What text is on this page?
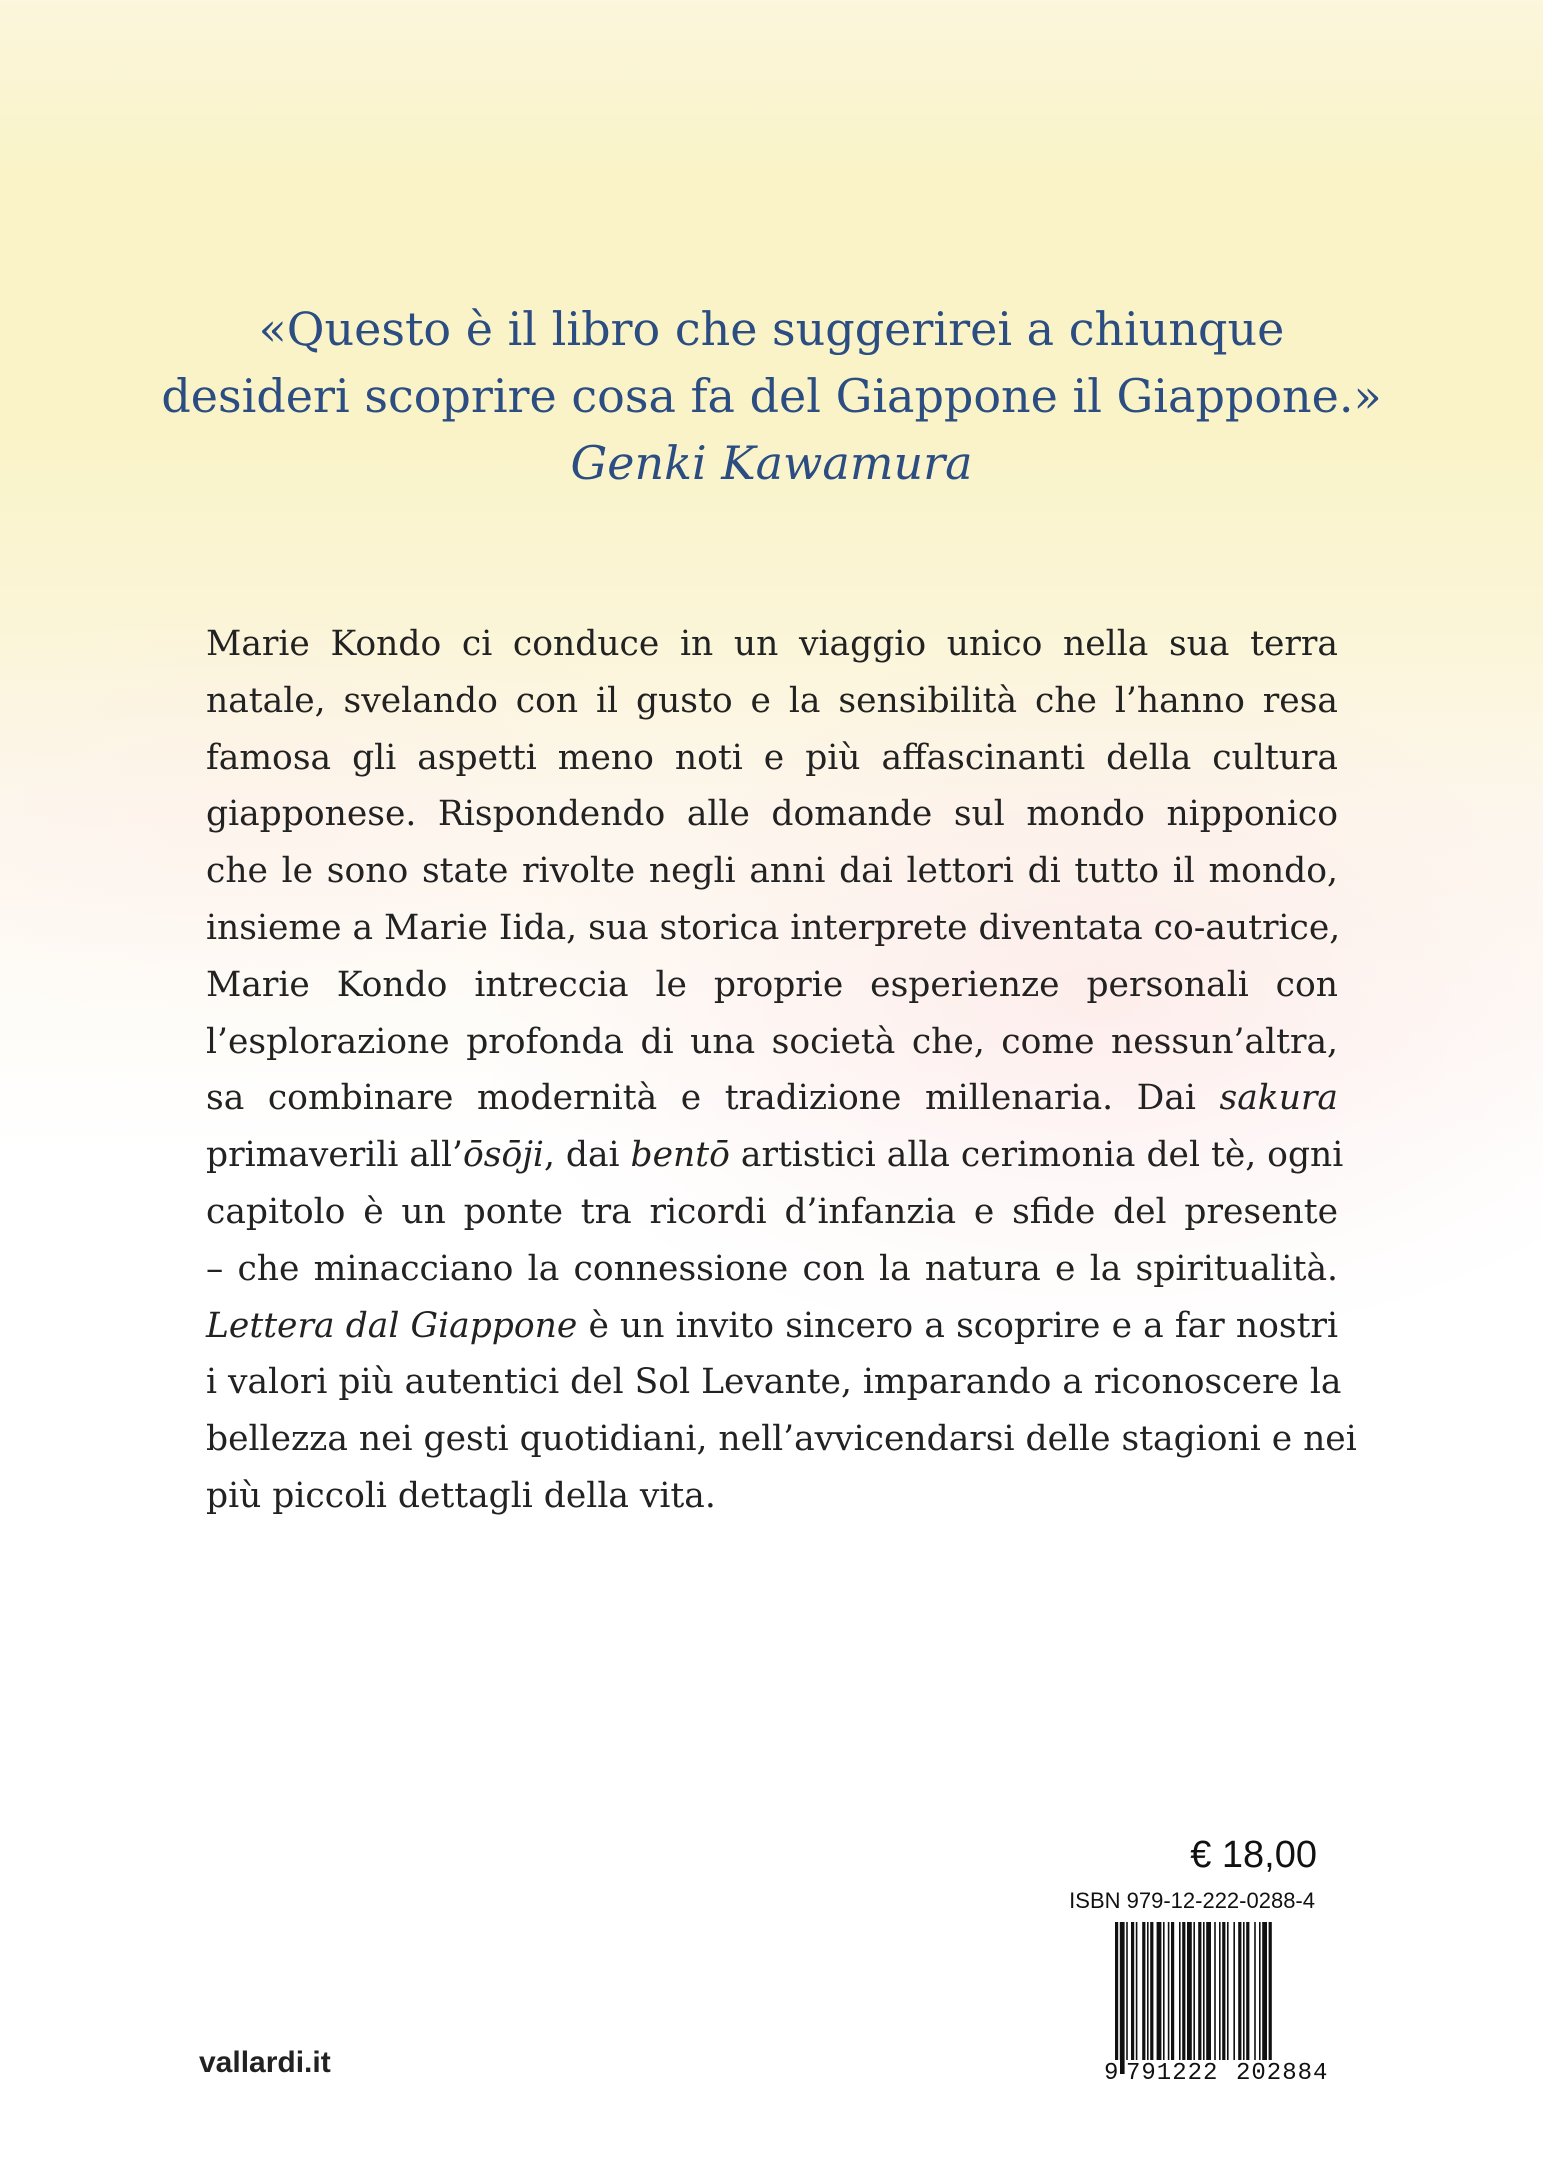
«Questo è il libro che suggerirei a chiunque
desideri scoprire cosa fa del Giappone il Giappone.»
Genki Kawamura
Marie Kondo ci conduce in un viaggio unico nella sua terra
natale, svelando con il gusto e la sensibilità che l’hanno resa
famosa gli aspetti meno noti e più affascinanti della cultura
giapponese. Rispondendo alle domande sul mondo nipponico
che le sono state rivolte negli anni dai lettori di tutto il mondo,
insieme a Marie Iida, sua storica interprete diventata co-autrice,
Marie Kondo intreccia le proprie esperienze personali con
l’esplorazione profonda di una società che, come nessun’altra,
sa combinare modernità e tradizione millenaria. Dai sakura
primaverili all’ōsōji, dai bentō artistici alla cerimonia del tè, ogni
capitolo è un ponte tra ricordi d’infanzia e sfide del presente
– che minacciano la connessione con la natura e la spiritualità.
Lettera dal Giappone è un invito sincero a scoprire e a far nostri
i valori più autentici del Sol Levante, imparando a riconoscere la
bellezza nei gesti quotidiani, nell’avvicendarsi delle stagioni e nei
più piccoli dettagli della vita.
€ 18,00
ISBN 979-12-222-0288-4
9 791222 202884
vallardi.it
